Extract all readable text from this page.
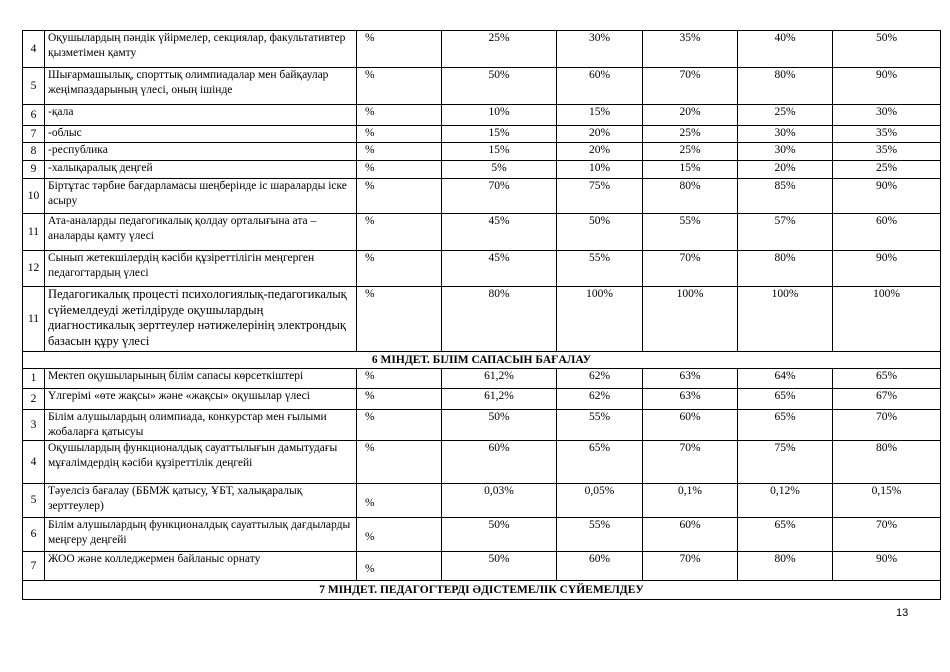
4	Оқушылардың пәндік үйірмелер, секциялар, факультативтер қызметімен қамту	%	25%	30%	35%	40%	50%
5	Шығармашылық, спорттық олимпиадалар мен байқаулар жеңімпаздарының үлесі, оның ішінде	%	50%	60%	70%	80%	90%
6	-қала	%	10%	15%	20%	25%	30%
7	-облыс	%	15%	20%	25%	30%	35%
8	-республика	%	15%	20%	25%	30%	35%
9	-халықаралық деңгей	%	5%	10%	15%	20%	25%
10	Біртұтас тәрбие бағдарламасы шеңберінде іс шараларды іске асыру	%	70%	75%	80%	85%	90%
11	Ата-аналарды педагогикалық қолдау орталығына ата –аналарды қамту үлесі	%	45%	50%	55%	57%	60%
12	Сынып жетекшілердің кәсіби құзіреттілігін меңгерген педагогтардың үлесі	%	45%	55%	70%	80%	90%
11	Педагогикалық процесті психологиялық-педагогикалық сүйемелдеуді жетілдіруде оқушылардың диагностикалық зерттеулер нәтижелерінің электрондық базасын құру үлесі	%	80%	100%	100%	100%	100%
6 МІНДЕТ. БІЛІМ САПАСЫН БАҒАЛАУ							
1	Мектеп оқушыларының білім сапасы көрсеткіштері	%	61,2%	62%	63%	64%	65%
2	Үлгерімі «өте жақсы» және «жақсы» оқушылар үлесі	%	61,2%	62%	63%	65%	67%
3	Білім алушылардың олимпиада, конкурстар мен ғылыми жобаларға қатысуы	%	50%	55%	60%	65%	70%
4	Оқушылардың функционалдық сауаттылығын дамытудағы мұғалімдердің кәсіби құзіреттілік деңгейі	%	60%	65%	70%	75%	80%
5	Тәуелсіз бағалау (ББМЖ қатысу, ҰБТ, халықаралық зерттеулер)	%	0,03%	0,05%	0,1%	0,12%	0,15%
6	Білім алушылардың функционалдық сауаттылық дағдыларды меңгеру деңгейі	%	50%	55%	60%	65%	70%
7	ЖОО және колледжермен байланыс орнату	%	50%	60%	70%	80%	90%
7 МІНДЕТ. ПЕДАГОГТЕРДІ ӘДІСТЕМЕЛІК СҮЙЕМЕЛДЕУ							
13
